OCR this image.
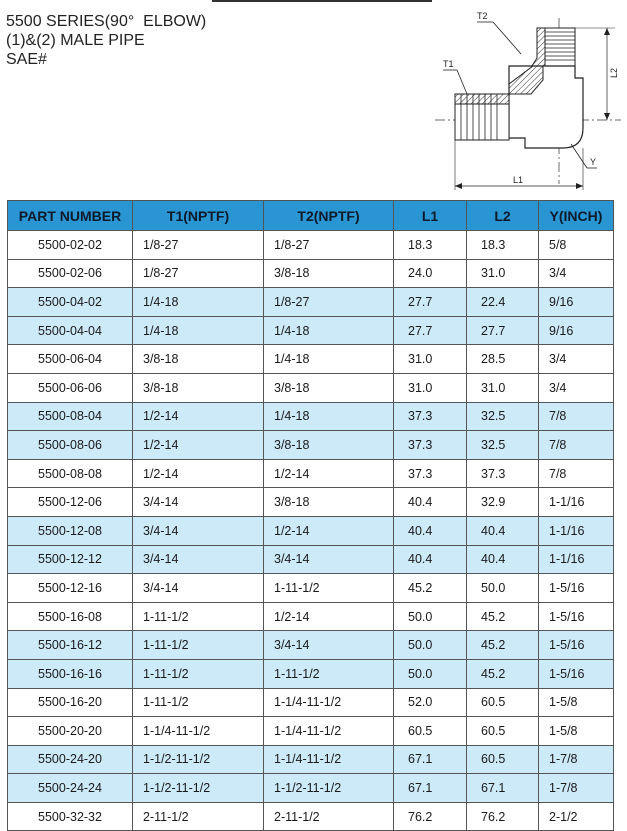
5500 SERIES(90°  ELBOW)
(1)&(2) MALE PIPE
SAE#
T2
T1
L2
L1
Y
PART NUMBER	T1(NPTF)	T2(NPTF)	L1	L2	Y(INCH)
5500-02-02	1/8-27	1/8-27	18.3	18.3	5/8
5500-02-06	1/8-27	3/8-18	24.0	31.0	3/4
5500-04-02	1/4-18	1/8-27	27.7	22.4	9/16
5500-04-04	1/4-18	1/4-18	27.7	27.7	9/16
5500-06-04	3/8-18	1/4-18	31.0	28.5	3/4
5500-06-06	3/8-18	3/8-18	31.0	31.0	3/4
5500-08-04	1/2-14	1/4-18	37.3	32.5	7/8
5500-08-06	1/2-14	3/8-18	37.3	32.5	7/8
5500-08-08	1/2-14	1/2-14	37.3	37.3	7/8
5500-12-06	3/4-14	3/8-18	40.4	32.9	1-1/16
5500-12-08	3/4-14	1/2-14	40.4	40.4	1-1/16
5500-12-12	3/4-14	3/4-14	40.4	40.4	1-1/16
5500-12-16	3/4-14	1-11-1/2	45.2	50.0	1-5/16
5500-16-08	1-11-1/2	1/2-14	50.0	45.2	1-5/16
5500-16-12	1-11-1/2	3/4-14	50.0	45.2	1-5/16
5500-16-16	1-11-1/2	1-11-1/2	50.0	45.2	1-5/16
5500-16-20	1-11-1/2	1-1/4-11-1/2	52.0	60.5	1-5/8
5500-20-20	1-1/4-11-1/2	1-1/4-11-1/2	60.5	60.5	1-5/8
5500-24-20	1-1/2-11-1/2	1-1/4-11-1/2	67.1	60.5	1-7/8
5500-24-24	1-1/2-11-1/2	1-1/2-11-1/2	67.1	67.1	1-7/8
5500-32-32	2-11-1/2	2-11-1/2	76.2	76.2	2-1/2
